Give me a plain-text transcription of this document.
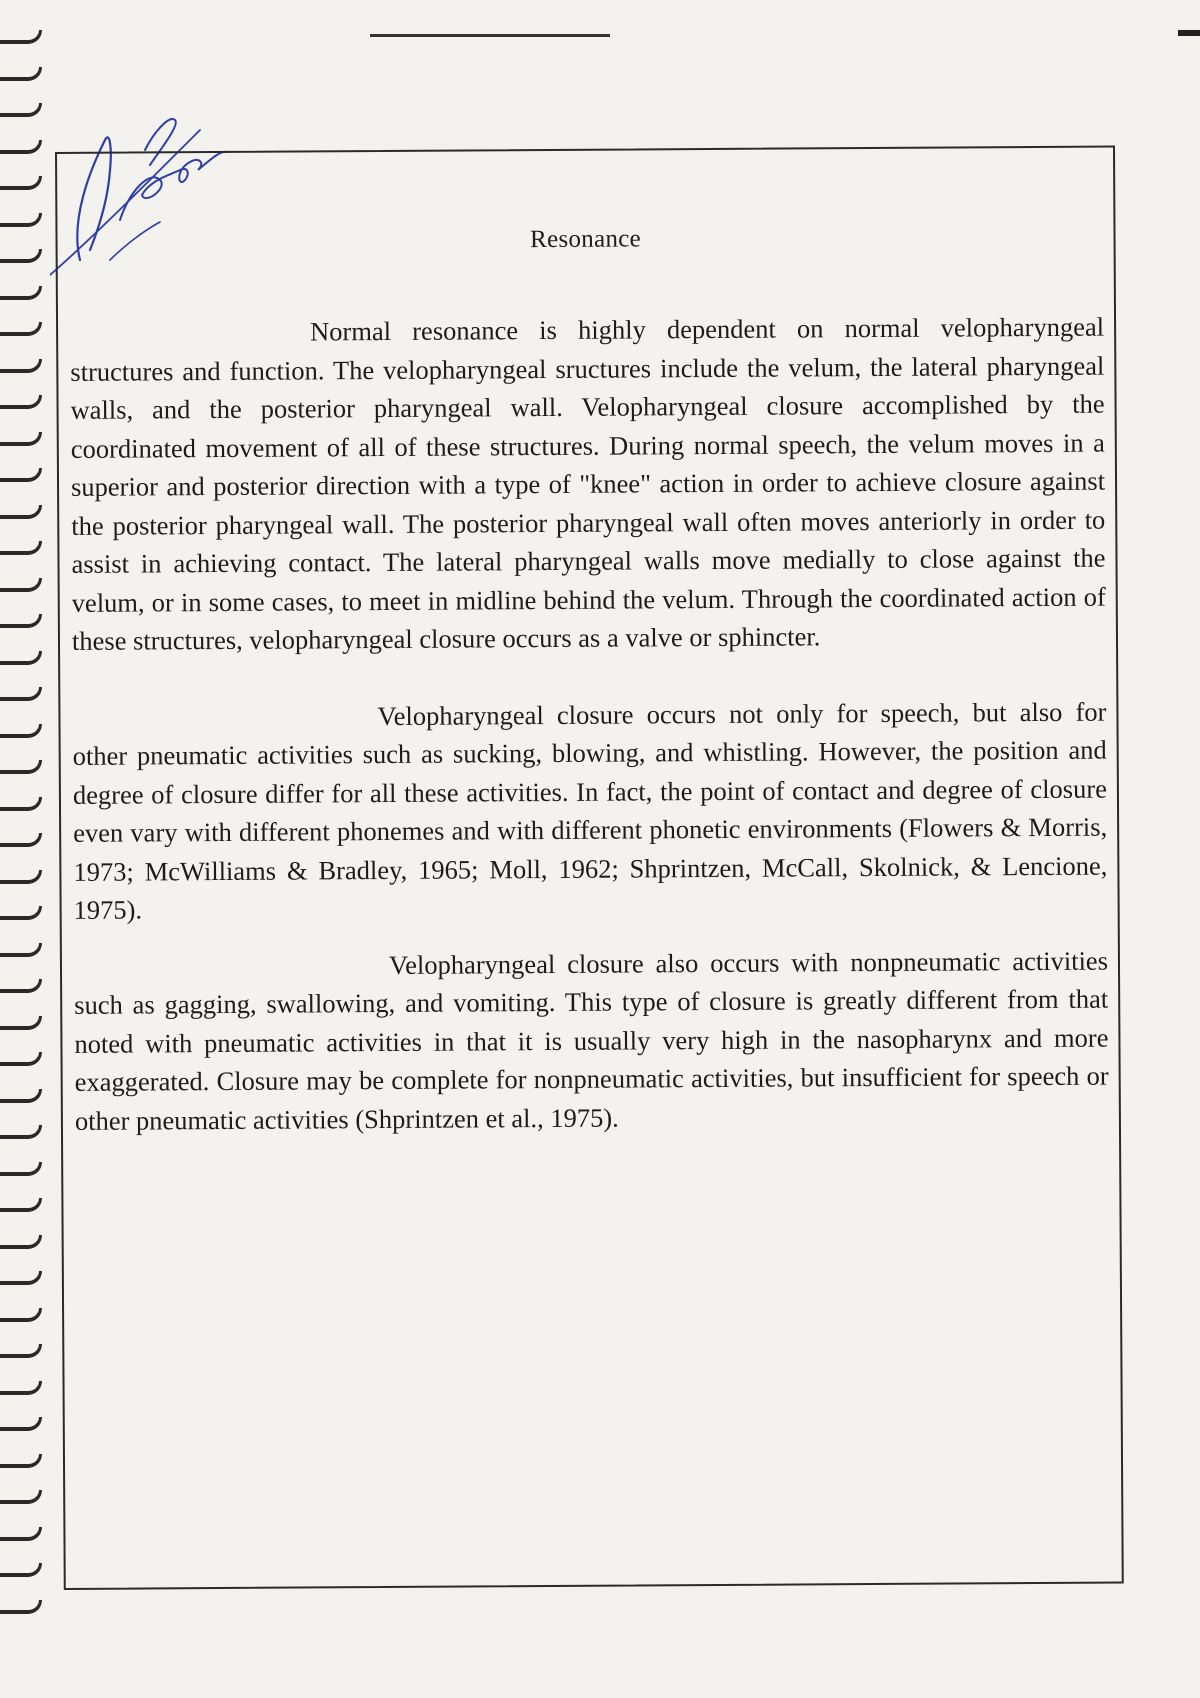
Resonance

Normal resonance is highly dependent on normal velopharyngeal structures and function. The velopharyngeal sructures include the velum, the lateral pharyngeal walls, and the posterior pharyngeal wall. Velopharyngeal closure accomplished by the coordinated movement of all of these structures. During normal speech, the velum moves in a superior and posterior direction with a type of "knee" action in order to achieve closure against the posterior pharyngeal wall. The posterior pharyngeal wall often moves anteriorly in order to assist in achieving contact. The lateral pharyngeal walls move medially to close against the velum, or in some cases, to meet in midline behind the velum. Through the coordinated action of these structures, velopharyngeal closure occurs as a valve or sphincter.

Velopharyngeal closure occurs not only for speech, but also for other pneumatic activities such as sucking, blowing, and whistling. However, the position and degree of closure differ for all these activities. In fact, the point of contact and degree of closure even vary with different phonemes and with different phonetic environments (Flowers & Morris, 1973; McWilliams & Bradley, 1965; Moll, 1962; Shprintzen, McCall, Skolnick, & Lencione, 1975).

Velopharyngeal closure also occurs with nonpneumatic activities such as gagging, swallowing, and vomiting. This type of closure is greatly different from that noted with pneumatic activities in that it is usually very high in the nasopharynx and more exaggerated. Closure may be complete for nonpneumatic activities, but insufficient for speech or other pneumatic activities (Shprintzen et al., 1975).
